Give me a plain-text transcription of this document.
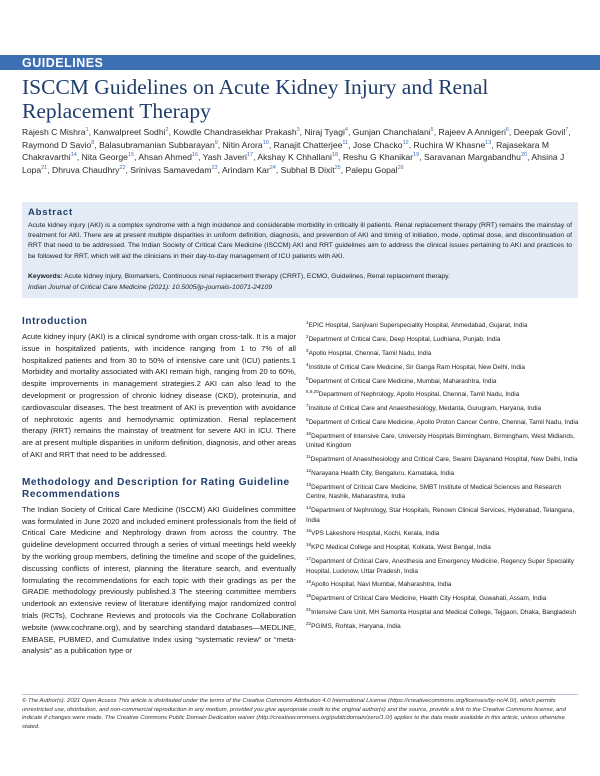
GUIDELINES
ISCCM Guidelines on Acute Kidney Injury and Renal Replacement Therapy
Rajesh C Mishra$^1$, Kanwalpreet Sodhi$^2$, Kowdle Chandrasekhar Prakash$^3$, Niraj Tyagi$^4$, Gunjan Chanchalani$^5$, Rajeev A Annigeri$^6$, Deepak Govil$^7$, Raymond D Savio$^8$, Balasubramanian Subbarayan$^9$, Nitin Arora$^{10}$, Ranajit Chatterjee$^{11}$, Jose Chacko$^{12}$, Ruchira W Khasne$^{13}$, Rajasekara M Chakravarthi$^{14}$, Nita George$^{15}$, Ahsan Ahmed$^{16}$, Yash Javeri$^{17}$, Akshay K Chhallani$^{18}$, Reshu G Khanikar$^{19}$, Saravanan Margabandhu$^{20}$, Ahsina J Lopa$^{21}$, Dhruva Chaudhry$^{22}$, Srinivas Samavedam$^{23}$, Arindam Kar$^{24}$, Subhal B Dixit$^{25}$, Palepu Gopal$^{26}$
Abstract
Acute kidney injury (AKI) is a complex syndrome with a high incidence and considerable morbidity in critically ill patients. Renal replacement therapy (RRT) remains the mainstay of treatment for AKI. There are at present multiple disparities in uniform definition, diagnosis, and prevention of AKI and timing of initiation, mode, optimal dose, and discontinuation of RRT that need to be addressed. The Indian Society of Critical Care Medicine (ISCCM) AKI and RRT guidelines aim to address the clinical issues pertaining to AKI and practices to be followed for RRT, which will aid the clinicians in their day-to-day management of ICU patients with AKI.
Keywords: Acute kidney injury, Biomarkers, Continuous renal replacement therapy (CRRT), ECMO, Guidelines, Renal replacement therapy.
Indian Journal of Critical Care Medicine (2021): 10.5005/jp-journals-10071-24109
Introduction

Acute kidney injury (AKI) is a clinical syndrome with organ cross-talk. It is a major issue in hospitalized patients, with incidence ranging from 1 to 7% of all hospitalized patients and from 30 to 50% of intensive care unit (ICU) patients.1 Morbidity and mortality associated with AKI remain high, ranging from 20 to 60%, despite improvements in management strategies.2 AKI can also lead to the development or progression of chronic kidney disease (CKD), proteinuria, and cardiovascular diseases. The best treatment of AKI is prevention with avoidance of nephrotoxic agents and hemodynamic optimization. Renal replacement therapy (RRT) remains the mainstay of treatment for severe AKI in ICU. There are at present multiple disparities in uniform definition, diagnosis, and other areas of AKI and RRT that need to be addressed.

Methodology and Description for Rating Guideline Recommendations

The Indian Society of Critical Care Medicine (ISCCM) AKI Guidelines committee was formulated in June 2020 and included eminent professionals from the field of Critical Care Medicine and Nephrology drawn from across the country. The guideline development occurred through a series of virtual meetings held weekly by the working group members, defining the timeline and scope of the guidelines, discussing conflicts of interest, planning the literature search, and eventually formulating the recommendations for each topic with their gradings as per the GRADE methodology previously published.3 The steering committee members undertook an extensive review of literature identifying major randomized control trials (RCTs), Cochrane Reviews and protocols via the Cochrane Collaboration website (www.cochrane.org), and by searching standard databases—MEDLINE, EMBASE, PUBMED, and Cumulative Index using “systematic review” or “meta-analysis” as a publication type or

$^1$EPIC Hospital, Sanjivani Superspeciality Hospital, Ahmedabad, Gujarat, India

$^2$Department of Critical Care, Deep Hospital, Ludhiana, Punjab, India

$^3$Apollo Hospital, Chennai, Tamil Nadu, India

$^4$Institute of Critical Care Medicine, Sir Ganga Ram Hospital, New Delhi, India

$^5$Department of Critical Care Medicine, Mumbai, Maharashtra, India

$^{6,9,20}$Department of Nephrology, Apollo Hospital, Chennai, Tamil Nadu, India

$^7$Institute of Critical Care and Anaesthesiology, Medanta, Gurugram, Haryana, India

$^8$Department of Critical Care Medicine, Apollo Proton Cancer Centre, Chennai, Tamil Nadu, India

$^{10}$Department of Intensive Care, University Hospitals Birmingham, Birmingham, West Midlands, United Kingdom

$^{11}$Department of Anaesthesiology and Critical Care, Swami Dayanand Hospital, New Delhi, India

$^{12}$Narayana Health City, Bengaluru, Karnataka, India

$^{13}$Department of Critical Care Medicine, SMBT Institute of Medical Sciences and Research Centre, Nashik, Maharashtra, India

$^{14}$Department of Nephrology, Star Hospitals, Renown Clinical Services, Hyderabad, Telangana, India

$^{15}$VPS Lakeshore Hospital, Kochi, Kerala, India

$^{16}$KPC Medical College and Hospital, Kolkata, West Bengal, India

$^{17}$Department of Critical Care, Anesthesia and Emergency Medicine, Regency Super Speciality Hospital, Lucknow, Uttar Pradesh, India

$^{18}$Apollo Hospital, Navi Mumbai, Maharashtra, India

$^{19}$Department of Critical Care Medicine, Health City Hospital, Guwahati, Assam, India

$^{21}$Intensive Care Unit, MH Samorita Hospital and Medical College, Tejgaon, Dhaka, Bangladesh

$^{22}$PGIMS, Rohtak, Haryana, India

© The Author(s). 2021 Open Access This article is distributed under the terms of the Creative Commons Attribution 4.0 International License (https://creativecommons.org/licenses/by-nc/4.0/), which permits unrestricted use, distribution, and non-commercial reproduction in any medium, provided you give appropriate credit to the original author(s) and the source, provide a link to the Creative Commons license, and indicate if changes were made. The Creative Commons Public Domain Dedication waiver (http://creativecommons.org/publicdomain/zero/1.0/) applies to the data made available in this article, unless otherwise stated.
